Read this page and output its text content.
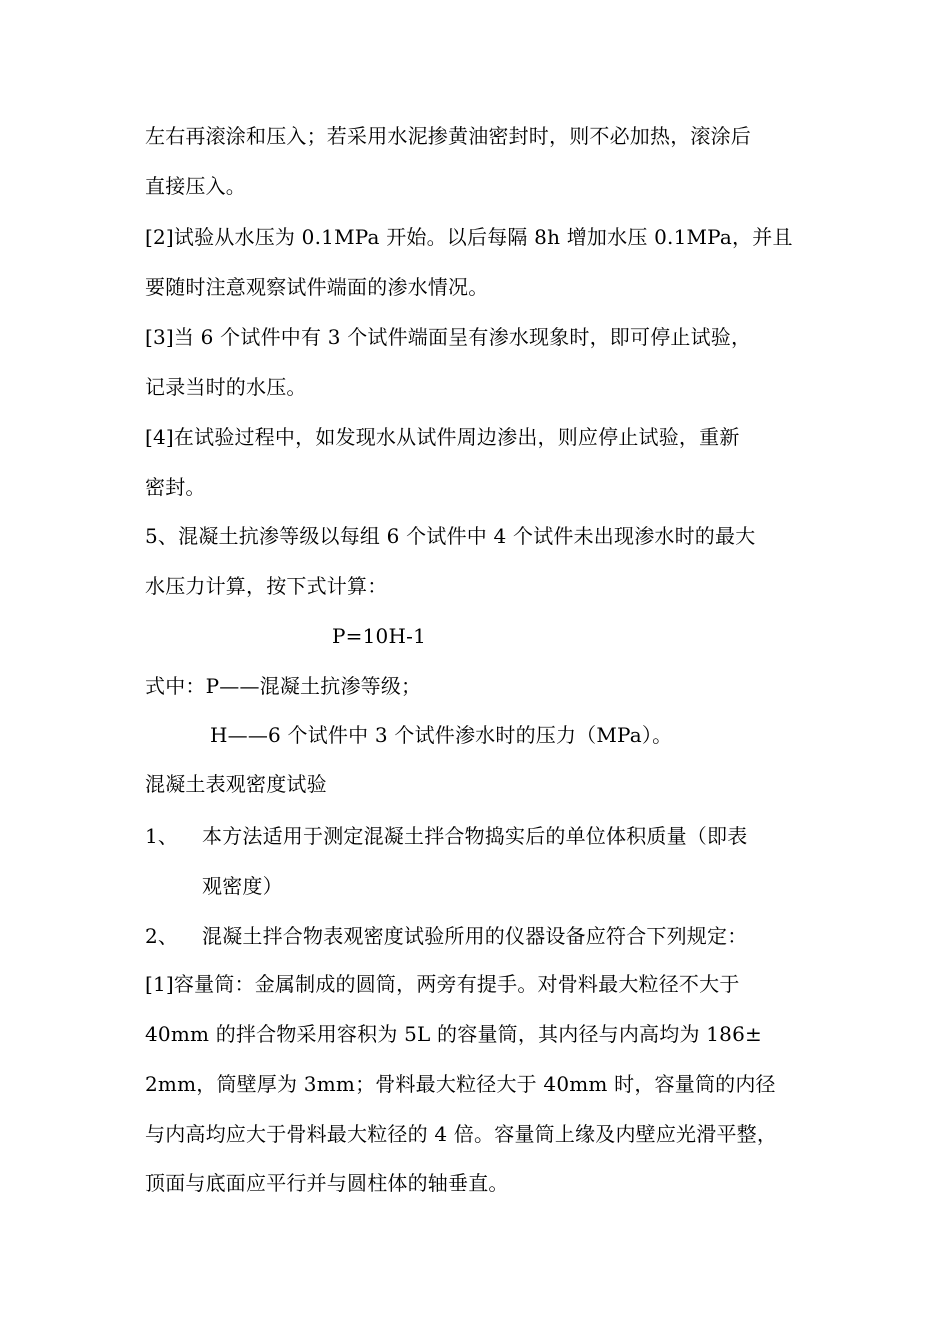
左右再滚涂和压入；若采用水泥掺黄油密封时，则不必加热，滚涂后
直接压入。
[2]试验从水压为 0.1MPa 开始。以后每隔 8h 增加水压 0.1MPa，并且
要随时注意观察试件端面的渗水情况。
[3]当 6 个试件中有 3 个试件端面呈有渗水现象时，即可停止试验，
记录当时的水压。
[4]在试验过程中，如发现水从试件周边渗出，则应停止试验，重新
密封。
5、混凝土抗渗等级以每组 6 个试件中 4 个试件未出现渗水时的最大
水压力计算，按下式计算：
P=10H-1
式中：P——混凝土抗渗等级；
H——6 个试件中 3 个试件渗水时的压力（MPa）。
混凝土表观密度试验
1、 本方法适用于测定混凝土拌合物捣实后的单位体积质量（即表
观密度）
2、 混凝土拌合物表观密度试验所用的仪器设备应符合下列规定：
[1]容量筒：金属制成的圆筒，两旁有提手。对骨料最大粒径不大于
40mm 的拌合物采用容积为 5L 的容量筒，其内径与内高均为 186±
2mm，筒壁厚为 3mm；骨料最大粒径大于 40mm 时，容量筒的内径
与内高均应大于骨料最大粒径的 4 倍。容量筒上缘及内壁应光滑平整，
顶面与底面应平行并与圆柱体的轴垂直。
